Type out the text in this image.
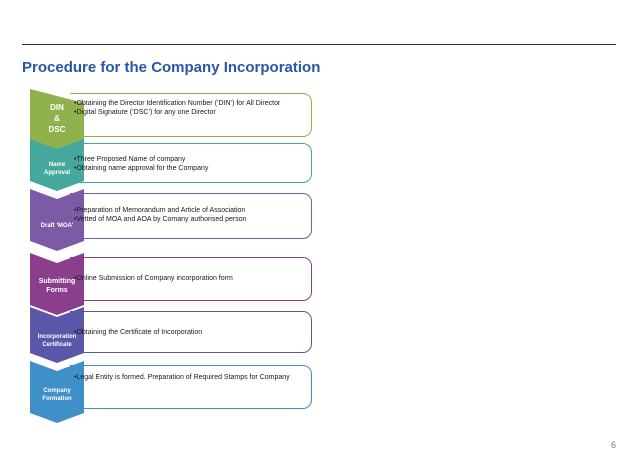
Procedure for the Company Incorporation
DIN
&
DSC
•Obtaining the Director Identification Number (‘DIN’) for All Director
•Digital Signature (‘DSC’) for any one Director
Name
Approval
•Three Proposed Name of company
•Obtaining name approval for the Company
Draft ‘MOA’
•Preparation of Memorandum and Article of Association
•Vetted of MOA and AOA by Comany authorised person
Submitting
Forms
•Online Submission of Company incorporation form
Incorporation
Certificate
•Obtaining the Certificate of Incorporation
Company
Formation
•Legal Entity is formed. Preparation of Required Stamps for Company
6
